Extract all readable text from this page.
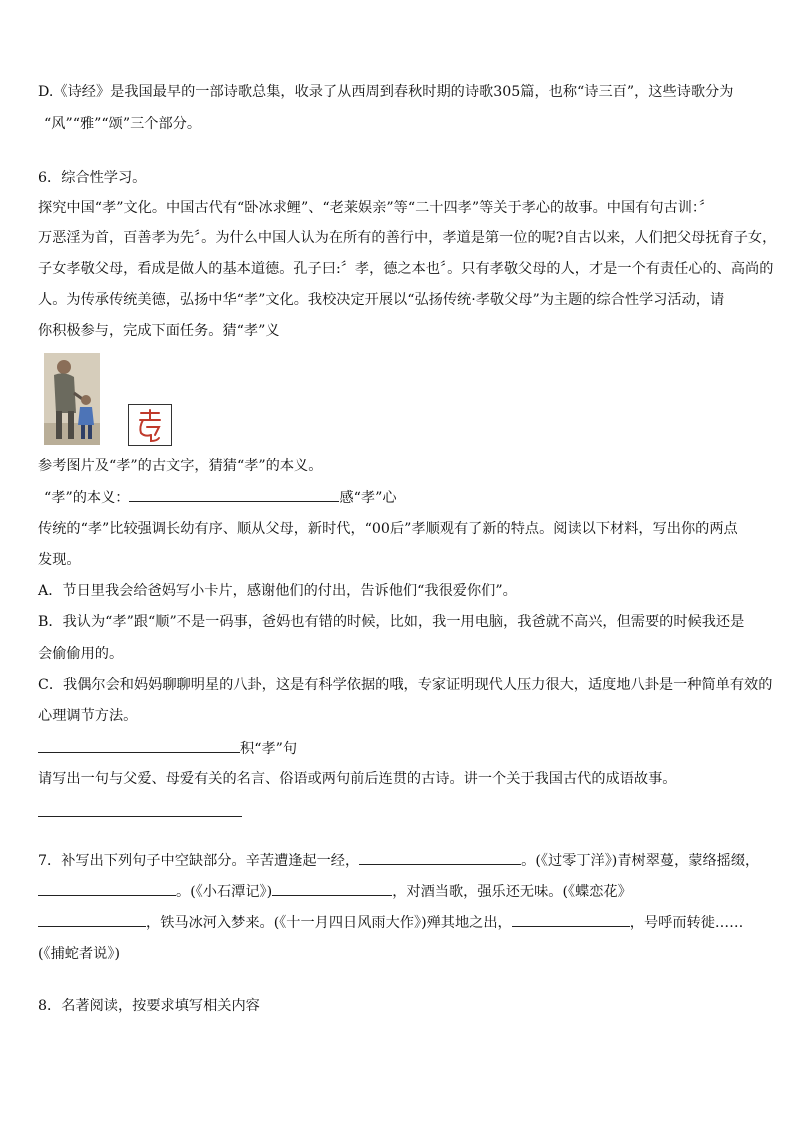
D.《诗经》是我国最早的一部诗歌总集，收录了从西周到春秋时期的诗歌305篇，也称“诗三百”，这些诗歌分为
“风”“雅”“颂”三个部分。
6．综合性学习。
探究中国“孝”文化。中国古代有“卧冰求鲤”、“老莱娱亲”等“二十四孝”等关于孝心的故事。中国有句古训：〞
万恶淫为首，百善孝为先〞。为什么中国人认为在所有的善行中，孝道是第一位的呢?自古以来，人们把父母抚育子女，
子女孝敬父母，看成是做人的基本道德。孔子曰:〞孝，德之本也〞。只有孝敬父母的人，才是一个有责任心的、高尚的
人。为传承传统美德，弘扬中华“孝”文化。我校决定开展以“弘扬传统·孝敬父母”为主题的综合性学习活动，请
你积极参与，完成下面任务。猜“孝”义
参考图片及“孝”的古文字，猜猜“孝”的本义。
“孝”的本义：	感“孝”心
传统的“孝”比较强调长幼有序、顺从父母，新时代，“00后”孝顺观有了新的特点。阅读以下材料，写出你的两点
发现。
A．节日里我会给爸妈写小卡片，感谢他们的付出，告诉他们“我很爱你们”。
B．我认为“孝”跟“顺”不是一码事，爸妈也有错的时候，比如，我一用电脑，我爸就不高兴，但需要的时候我还是
会偷偷用的。
C．我偶尔会和妈妈聊聊明星的八卦，这是有科学依据的哦，专家证明现代人压力很大，适度地八卦是一种简单有效的
心理调节方法。
积“孝”句
请写出一句与父爱、母爱有关的名言、俗语或两句前后连贯的古诗。讲一个关于我国古代的成语故事。
7．补写出下列句子中空缺部分。辛苦遭逢起一经，	。(《过零丁洋》)青树翠蔓，蒙络摇缀，
。(《小石潭记》)	，对酒当歌，强乐还无味。(《蝶恋花》
，铁马冰河入梦来。(《十一月四日风雨大作》)殚其地之出，	，号呼而转徙……
(《捕蛇者说》)
8．名著阅读，按要求填写相关内容
